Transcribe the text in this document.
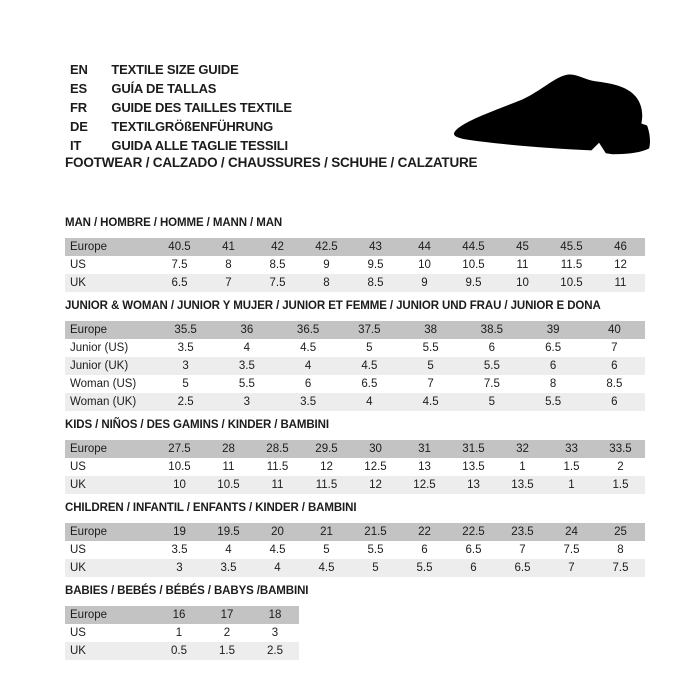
EN TEXTILE SIZE GUIDE
ES GUÍA DE TALLAS
FR GUIDE DES TAILLES TEXTILE
DE TEXTILGRÖßENFÜHRUNG
IT GUIDA ALLE TAGLIE TESSILI
FOOTWEAR / CALZADO / CHAUSSURES / SCHUHE / CALZATURE
MAN / HOMBRE / HOMME / MANN / MAN
Europe	40.5	41	42	42.5	43	44	44.5	45	45.5	46
US	7.5	8	8.5	9	9.5	10	10.5	11	11.5	12
UK	6.5	7	7.5	8	8.5	9	9.5	10	10.5	11
JUNIOR & WOMAN / JUNIOR Y MUJER / JUNIOR ET FEMME / JUNIOR UND FRAU / JUNIOR E DONA
Europe	35.5	36	36.5	37.5	38	38.5	39	40
Junior (US)	3.5	4	4.5	5	5.5	6	6.5	7
Junior (UK)	3	3.5	4	4.5	5	5.5	6	6
Woman (US)	5	5.5	6	6.5	7	7.5	8	8.5
Woman (UK)	2.5	3	3.5	4	4.5	5	5.5	6
KIDS / NIÑOS / DES GAMINS / KINDER / BAMBINI
Europe	27.5	28	28.5	29.5	30	31	31.5	32	33	33.5
US	10.5	11	11.5	12	12.5	13	13.5	1	1.5	2
UK	10	10.5	11	11.5	12	12.5	13	13.5	1	1.5
CHILDREN / INFANTIL / ENFANTS / KINDER / BAMBINI
Europe	19	19.5	20	21	21.5	22	22.5	23.5	24	25
US	3.5	4	4.5	5	5.5	6	6.5	7	7.5	8
UK	3	3.5	4	4.5	5	5.5	6	6.5	7	7.5
BABIES / BEBÉS / BÉBÉS / BABYS /BAMBINI
Europe	16	17	18
US	1	2	3
UK	0.5	1.5	2.5
